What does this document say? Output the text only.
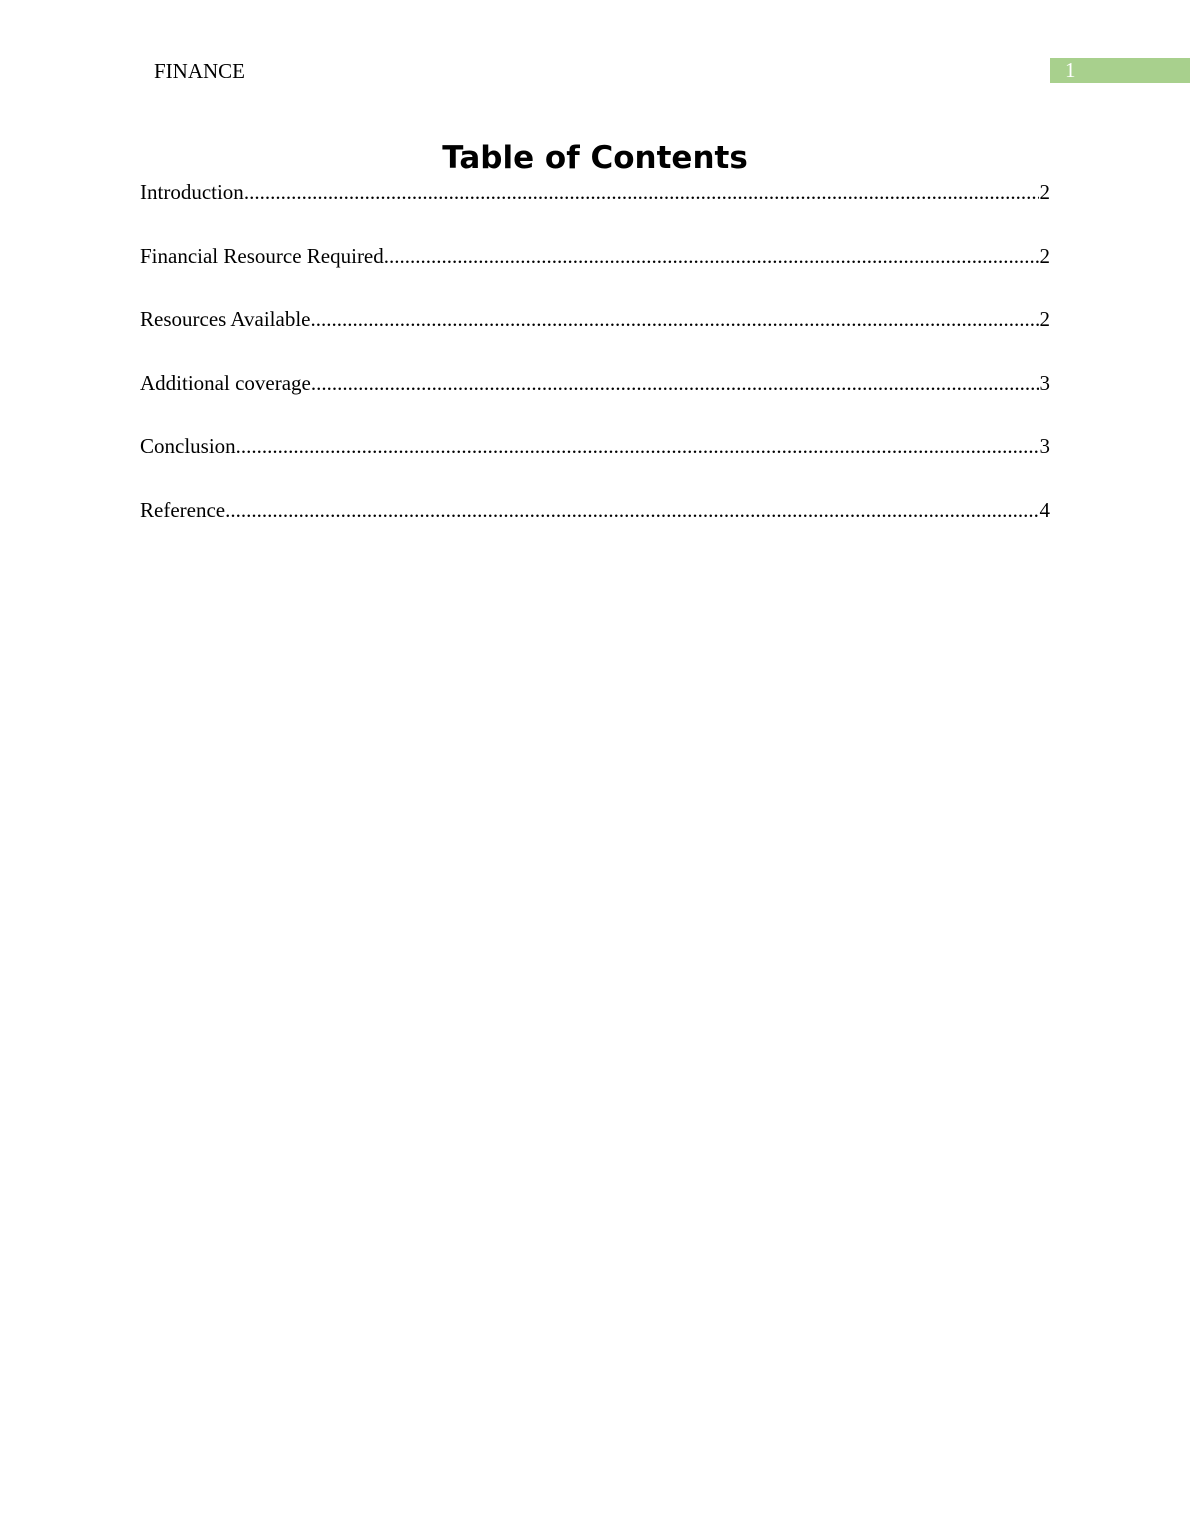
FINANCE	1
Table of Contents
Introduction .....	2
Financial Resource Required .....	2
Resources Available .....	2
Additional coverage .....	3
Conclusion .....	3
Reference .....	4
